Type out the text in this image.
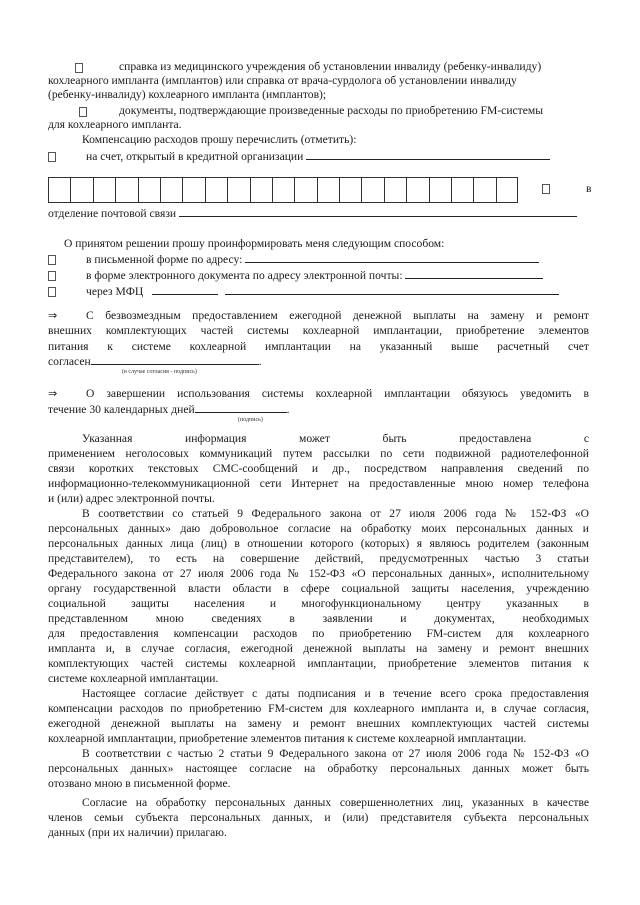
справка из медицинского учреждения об установлении инвалиду (ребенку-инвалиду)
кохлеарного импланта (имплантов) или справка от врача-сурдолога об установлении инвалиду
(ребенку-инвалиду) кохлеарного импланта (имплантов);
документы, подтверждающие произведенные расходы по приобретению FM-системы
для кохлеарного импланта.
Компенсацию расходов прошу перечислить (отметить):
на счет, открытый в кредитной организации
в
отделение почтовой связи
О принятом решении прошу проинформировать меня следующим способом:
в письменной форме по адресу:
в форме электронного документа по адресу электронной почты:
через МФЦ
⇒ С безвозмездным предоставлением ежегодной денежной выплаты на замену и ремонт
внешних комплектующих частей системы кохлеарной имплантации, приобретение элементов
питания к системе кохлеарной имплантации на указанный выше расчетный счет
согласен	.
(в случае согласия - подпись)
⇒ О завершении использования системы кохлеарной имплантации обязуюсь уведомить в
течение 30 календарных дней	.
(подпись)
Указанная информация может быть предоставлена с
применением неголосовых коммуникаций путем рассылки по сети подвижной радиотелефонной
связи коротких текстовых СМС-сообщений и др., посредством направления сведений по
информационно-телекоммуникационной сети Интернет на предоставленные мною номер телефона
и (или) адрес электронной почты.
В соответствии со статьей 9 Федерального закона от 27 июля 2006 года № 152-ФЗ «О
персональных данных» даю добровольное согласие на обработку моих персональных данных и
персональных данных лица (лиц) в отношении которого (которых) я являюсь родителем (законным
представителем), то есть на совершение действий, предусмотренных частью 3 статьи
Федерального закона от 27 июля 2006 года № 152-ФЗ «О персональных данных», исполнительному
органу государственной власти области в сфере социальной защиты населения, учреждению
социальной защиты населения и многофункциональному центру указанных в
представленном мною сведениях в заявлении и документах, необходимых
для предоставления компенсации расходов по приобретению FM-систем для кохлеарного
импланта и, в случае согласия, ежегодной денежной выплаты на замену и ремонт внешних
комплектующих частей системы кохлеарной имплантации, приобретение элементов питания к
системе кохлеарной имплантации.
Настоящее согласие действует с даты подписания и в течение всего срока предоставления
компенсации расходов по приобретению FM-систем для кохлеарного импланта и, в случае согласия,
ежегодной денежной выплаты на замену и ремонт внешних комплектующих частей системы
кохлеарной имплантации, приобретение элементов питания к системе кохлеарной имплантации.
В соответствии с частью 2 статьи 9 Федерального закона от 27 июля 2006 года № 152-ФЗ «О
персональных данных» настоящее согласие на обработку персональных данных может быть
отозвано мною в письменной форме.
Согласие на обработку персональных данных совершеннолетних лиц, указанных в качестве
членов семьи субъекта персональных данных, и (или) представителя субъекта персональных
данных (при их наличии) прилагаю.
